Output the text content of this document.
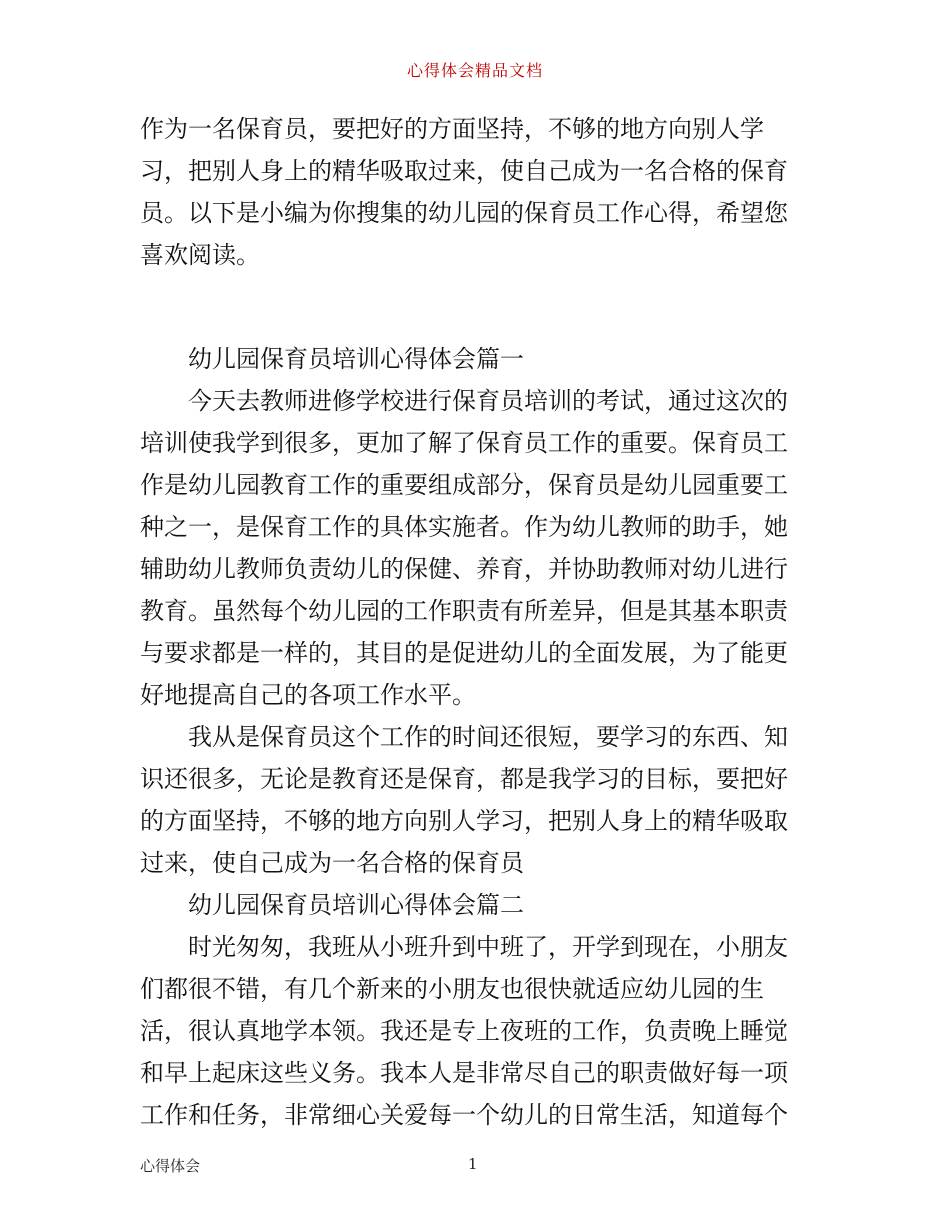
心得体会精品文档
作为一名保育员，要把好的方面坚持，不够的地方向别人学
习，把别人身上的精华吸取过来，使自己成为一名合格的保育
员。以下是小编为你搜集的幼儿园的保育员工作心得，希望您
喜欢阅读。
幼儿园保育员培训心得体会篇一
今天去教师进修学校进行保育员培训的考试，通过这次的
培训使我学到很多，更加了解了保育员工作的重要。保育员工
作是幼儿园教育工作的重要组成部分，保育员是幼儿园重要工
种之一，是保育工作的具体实施者。作为幼儿教师的助手，她
辅助幼儿教师负责幼儿的保健、养育，并协助教师对幼儿进行
教育。虽然每个幼儿园的工作职责有所差异，但是其基本职责
与要求都是一样的，其目的是促进幼儿的全面发展，为了能更
好地提高自己的各项工作水平。
我从是保育员这个工作的时间还很短，要学习的东西、知
识还很多，无论是教育还是保育，都是我学习的目标，要把好
的方面坚持，不够的地方向别人学习，把别人身上的精华吸取
过来，使自己成为一名合格的保育员
幼儿园保育员培训心得体会篇二
时光匆匆，我班从小班升到中班了，开学到现在，小朋友
们都很不错，有几个新来的小朋友也很快就适应幼儿园的生
活，很认真地学本领。我还是专上夜班的工作，负责晚上睡觉
和早上起床这些义务。我本人是非常尽自己的职责做好每一项
工作和任务，非常细心关爱每一个幼儿的日常生活，知道每个
心得体会	1
